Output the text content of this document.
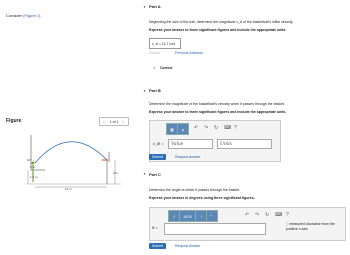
Consider (Figure 1)
Figure	< 1 of 1 >
10°
1.2 m
3 m
3 m
10 m
▼
▼
▼
Part A
Neglecting the size of the ball, determine the magnitude v_A of the basketball's initial velocity.
Express your answer to three significant figures and include the appropriate units.
v_A = 11.7 m/s
Submit	Previous Answers
✔ Correct
Part B
Determine the magnitude of the basketball's velocity when it passes through the basket.
Express your answer to three significant figures and include the appropriate units.
▦	μ	↶ ↷ ↻ ⌨ ?
v_B =	Value	Units
Submit	Request Answer
Part C
Determine the angle at which it passes through the basket.
Express your answer in degrees using three significant figures.
√	ΑΣΦ	↑	↶ ↷ ↻ ⌨ ?
θ =
°, measured clockwise from the positive x axis
Submit	Request Answer
